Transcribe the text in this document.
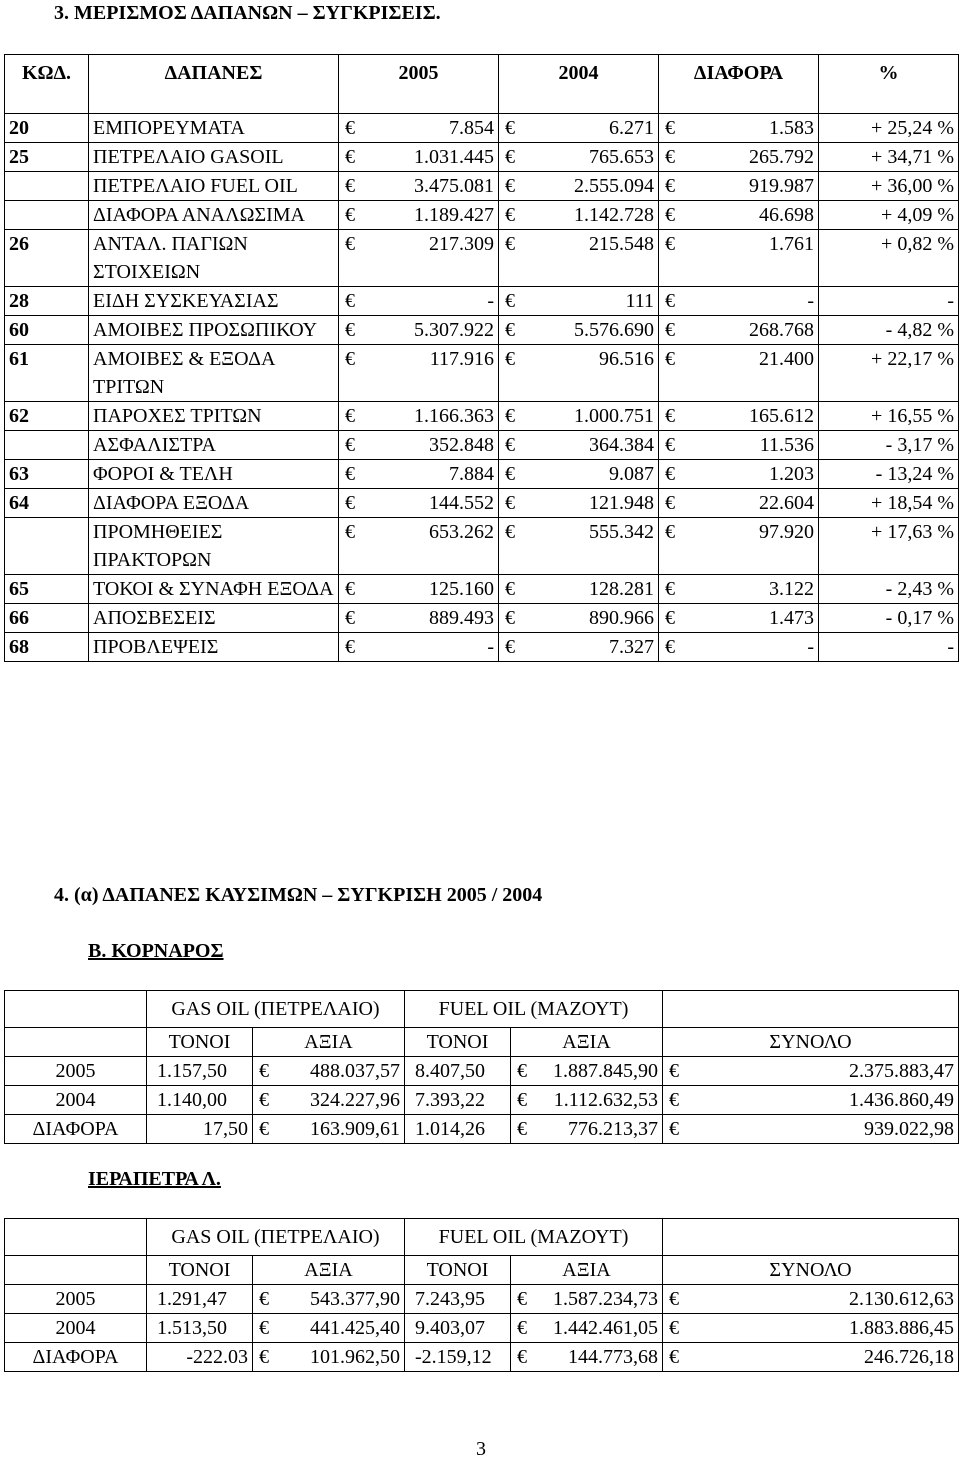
3. ΜΕΡΙΣΜΟΣ ΔΑΠΑΝΩΝ – ΣΥΓΚΡΙΣΕΙΣ.
ΚΩΔ.	ΔΑΠΑΝΕΣ	2005	2004	ΔΙΑΦΟΡΑ	%
20	ΕΜΠΟΡΕΥΜΑΤΑ	€ 7.854	€ 6.271	€ 1.583	+ 25,24 %
25	ΠΕΤΡΕΛΑΙΟ GASOIL	€ 1.031.445	€ 765.653	€ 265.792	+ 34,71 %
	ΠΕΤΡΕΛΑΙΟ FUEL OIL	€ 3.475.081	€ 2.555.094	€ 919.987	+ 36,00 %
	ΔΙΑΦΟΡΑ ΑΝΑΛΩΣΙΜΑ	€ 1.189.427	€ 1.142.728	€ 46.698	+ 4,09 %
26	ΑΝΤΑΛ. ΠΑΓΙΩΝ ΣΤΟΙΧΕΙΩΝ	€ 217.309	€ 215.548	€ 1.761	+ 0,82 %
28	ΕΙΔΗ ΣΥΣΚΕΥΑΣΙΑΣ	€ -	€ 111	€ -	-
60	ΑΜΟΙΒΕΣ ΠΡΟΣΩΠΙΚΟΥ	€ 5.307.922	€ 5.576.690	€ 268.768	- 4,82 %
61	ΑΜΟΙΒΕΣ & ΕΞΟΔΑ ΤΡΙΤΩΝ	€ 117.916	€ 96.516	€ 21.400	+ 22,17 %
62	ΠΑΡΟΧΕΣ ΤΡΙΤΩΝ	€ 1.166.363	€ 1.000.751	€ 165.612	+ 16,55 %
	ΑΣΦΑΛΙΣΤΡΑ	€ 352.848	€ 364.384	€ 11.536	- 3,17 %
63	ΦΟΡΟΙ & ΤΕΛΗ	€ 7.884	€ 9.087	€ 1.203	- 13,24 %
64	ΔΙΑΦΟΡΑ ΕΞΟΔΑ	€ 144.552	€ 121.948	€ 22.604	+ 18,54 %
	ΠΡΟΜΗΘΕΙΕΣ ΠΡΑΚΤΟΡΩΝ	€ 653.262	€ 555.342	€ 97.920	+ 17,63 %
65	ΤΟΚΟΙ & ΣΥΝΑΦΗ ΕΞΟΔΑ	€ 125.160	€ 128.281	€ 3.122	- 2,43 %
66	ΑΠΟΣΒΕΣΕΙΣ	€ 889.493	€ 890.966	€ 1.473	- 0,17 %
68	ΠΡΟΒΛΕΨΕΙΣ	€ -	€ 7.327	€ -	-
4. (α) ΔΑΠΑΝΕΣ ΚΑΥΣΙΜΩΝ – ΣΥΓΚΡΙΣΗ 2005 / 2004
Β. ΚΟΡΝΑΡΟΣ
	GAS OIL (ΠΕΤΡΕΛΑΙΟ)		FUEL OIL (ΜΑΖΟΥΤ)		
	ΤΟΝΟΙ	ΑΞΙΑ	ΤΟΝΟΙ	ΑΞΙΑ	ΣΥΝΟΛΟ
2005	1.157,50	€ 488.037,57	8.407,50	€ 1.887.845,90	€ 2.375.883,47
2004	1.140,00	€ 324.227,96	7.393,22	€ 1.112.632,53	€ 1.436.860,49
ΔΙΑΦΟΡΑ	17,50	€ 163.909,61	1.014,26	€ 776.213,37	€ 939.022,98
ΙΕΡΑΠΕΤΡΑ Λ.
	GAS OIL (ΠΕΤΡΕΛΑΙΟ)		FUEL OIL (ΜΑΖΟΥΤ)		
	ΤΟΝΟΙ	ΑΞΙΑ	ΤΟΝΟΙ	ΑΞΙΑ	ΣΥΝΟΛΟ
2005	1.291,47	€ 543.377,90	7.243,95	€ 1.587.234,73	€ 2.130.612,63
2004	1.513,50	€ 441.425,40	9.403,07	€ 1.442.461,05	€ 1.883.886,45
ΔΙΑΦΟΡΑ	-222.03	€ 101.962,50	-2.159,12	€ 144.773,68	€ 246.726,18
3
